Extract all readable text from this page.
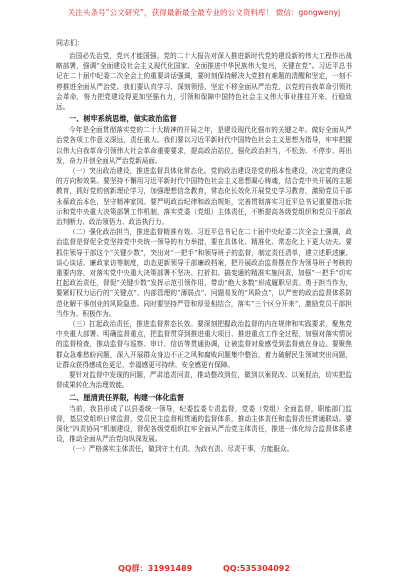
关注头条号“公文研究”，获得最新最全最专业的公文资料库！ 微信：gongwenyj
同志们：

治国必先治党，党兴才能国强。党的二十大报告对深入推进新时代党的建设新的伟大工程作出战略部署，强调“全面建设社会主义现代化国家、全面推进中华民族伟大复兴，关键在党”。习近平总书记在二十届中纪委二次全会上的重要讲话强调，要时刻保持解决大党独有难题的清醒和坚定，一刻不停推进全面从严治党。我们要认真学习、深刻领悟，坚定不移全面从严治党，以党的自我革命引领社会革命，努力把党建设得更加坚强有力，引领和保障中国特色社会主义伟大事业推往开来、行稳致远。

一、树牢系统思维，做实政治监督

今年是全面贯彻落实党的二十大精神的开局之年，是建设现代化强市的关键之年。做好全面从严治党各项工作意义深远，责任重大。我们要以习近平新时代中国特色社会主义思想为指导，牢牢把握以伟大自我革命引领伟大社会革命重要要求，提高政治站位，强化政治担当，不松劲、不停步、再出发，奋力开创全面从严治党新局面。

（一）突出政治建设，推进监督具体化常态化。党的政治建设是党的根本性建设，决定党的建设的方向和效果。要坚持不懈用习近平新时代中国特色社会主义思想凝心铸魂，结合党中央开展的主题教育，抓好党的创新理论学习，加强理想信念教育，常态化长效化开展党史学习教育，激励党员干部永葆政治本色，坚守精神家园。要严明政治纪律和政治规矩，完善贯彻落实习近平总书记重要指示批示和党中央重大决策部署工作机制，落实党委（党组）主体责任，不断提高各级党组织和党员干部政治判断力、政治领悟力、政治执行力。

（二）强化政治担当，推进监督精准有效。习近平总书记在二十届中央纪委二次全会上强调，政治监督是督促全党坚持党中央统一领导的有力举措，要在具体化、精准化、常态化上下更大功夫。要抓住领导干部这个“关键少数”，突出对“一把手”和领导班子的监督，制定责任清单，建立述职述廉、谈心谈话、廉政家访等制度，动态更新领导干部廉政档案，把开展政治监督摆在作为领导班子考核的重要内容，对落实党中央重大决策部署不坚决、打折扣、搞变通的精准实施问责，加强“一把手”切实扛起政治责任，督促“关键少数”发挥示范引领作用，带动“绝大多数”形成履职尽责。勇于担当作为，要紧盯权力运行的“关键点”、内部管理的“薄弱点”、问题易发的“风险点”，以严密的政治监督体系防范化解干事创业的风险隐患。同时要坚持严管和厚爱相结合，落实“三个区分开来”，激励党员干部担当作为、积极作为。

（三）扛起政治责任，推进监督常态长效。要深刻把握政治监督的内在规律和实践要求，聚焦党中央重大部署、明确监督重点，把监督贯穿到推进重大项目、推进重点工作全过程，加强对落实情况的监督检查，推动监督与巡察、审计、信访等贯通协调，让被监督对象感受到监督就在身边。要聚焦群众急难愁盼问题，深入开展群众身边不正之风和腐败问题集中整治，着力破解民生领域突出问题，让群众获得感成色更足、幸福感更可持续、安全感更有保障。

要针对监督中发现的问题，严肃追责问责，推动整改到位，做到以案促改、以案促治，切实把监督成果转化为治理效能。

二、厘清责任界限，构建一体化监督

当前，我县形成了以县委统一领导，纪委监委专责监督，党委（党组）全面监督，职能部门监督，基层党组织日常监督，党员民主监督相贯通的监督体系，推动主体责任和监督责任贯通联动。要深化“四责协同”机制建设，督促各级党组织扛牢全面从严治党主体责任，推进一体化综合监督体系建设，推动全面从严治党向纵深发展。

（一）严格落实主体责任，做到守土有责、为政有责、尽责干事，方能服众。

QQ群：31991489	QQ:535304092
